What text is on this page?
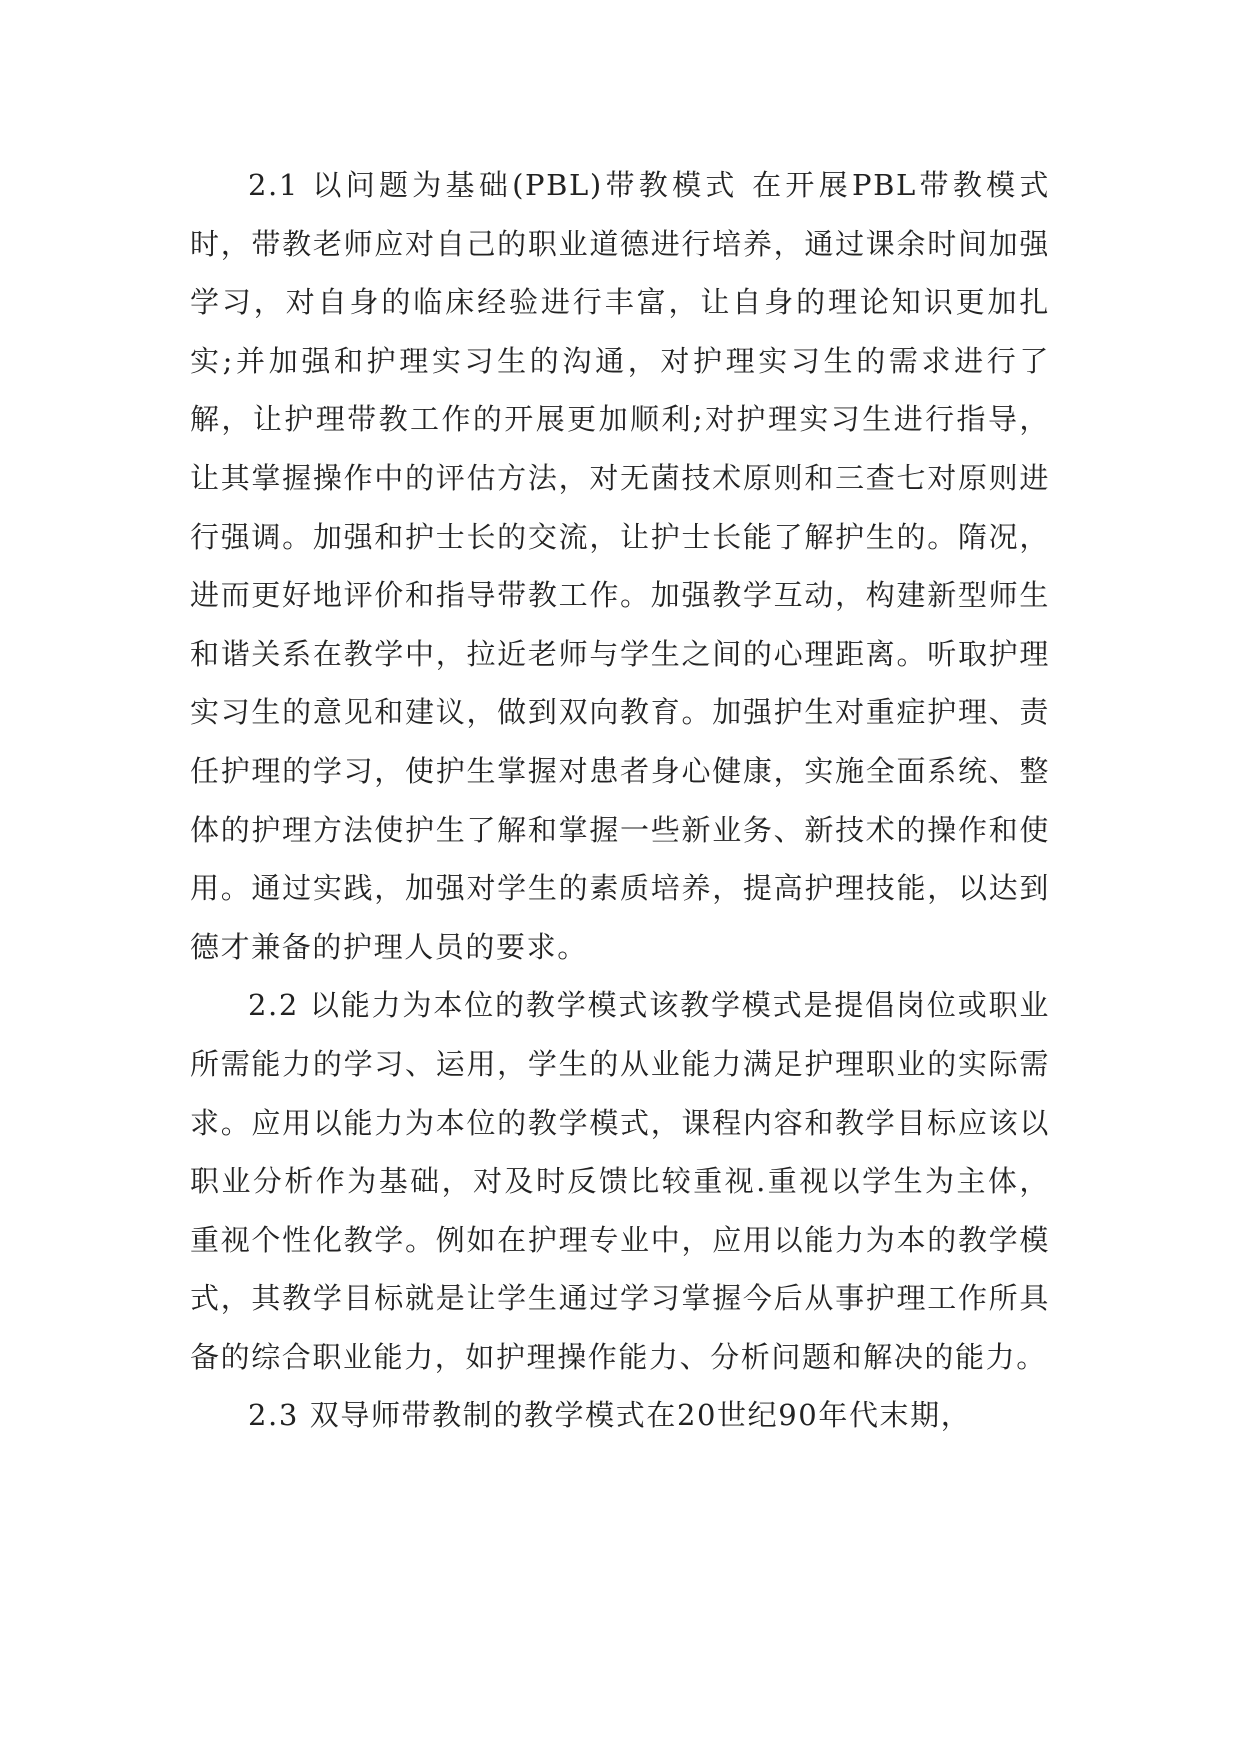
2.1 以问题为基础(PBL)带教模式 在开展PBL带教模式时，带教老师应对自己的职业道德进行培养，通过课余时间加强学习，对自身的临床经验进行丰富，让自身的理论知识更加扎实;并加强和护理实习生的沟通，对护理实习生的需求进行了解，让护理带教工作的开展更加顺利;对护理实习生进行指导，让其掌握操作中的评估方法，对无菌技术原则和三查七对原则进行强调。加强和护士长的交流，让护士长能了解护生的。隋况，进而更好地评价和指导带教工作。加强教学互动，构建新型师生和谐关系在教学中，拉近老师与学生之间的心理距离。听取护理实习生的意见和建议，做到双向教育。加强护生对重症护理、责任护理的学习，使护生掌握对患者身心健康，实施全面系统、整体的护理方法使护生了解和掌握一些新业务、新技术的操作和使用。通过实践，加强对学生的素质培养，提高护理技能，以达到德才兼备的护理人员的要求。

2.2 以能力为本位的教学模式该教学模式是提倡岗位或职业所需能力的学习、运用，学生的从业能力满足护理职业的实际需求。应用以能力为本位的教学模式，课程内容和教学目标应该以职业分析作为基础，对及时反馈比较重视.重视以学生为主体，重视个性化教学。例如在护理专业中，应用以能力为本的教学模式，其教学目标就是让学生通过学习掌握今后从事护理工作所具备的综合职业能力，如护理操作能力、分析问题和解决的能力。

2.3 双导师带教制的教学模式在20世纪90年代末期，
